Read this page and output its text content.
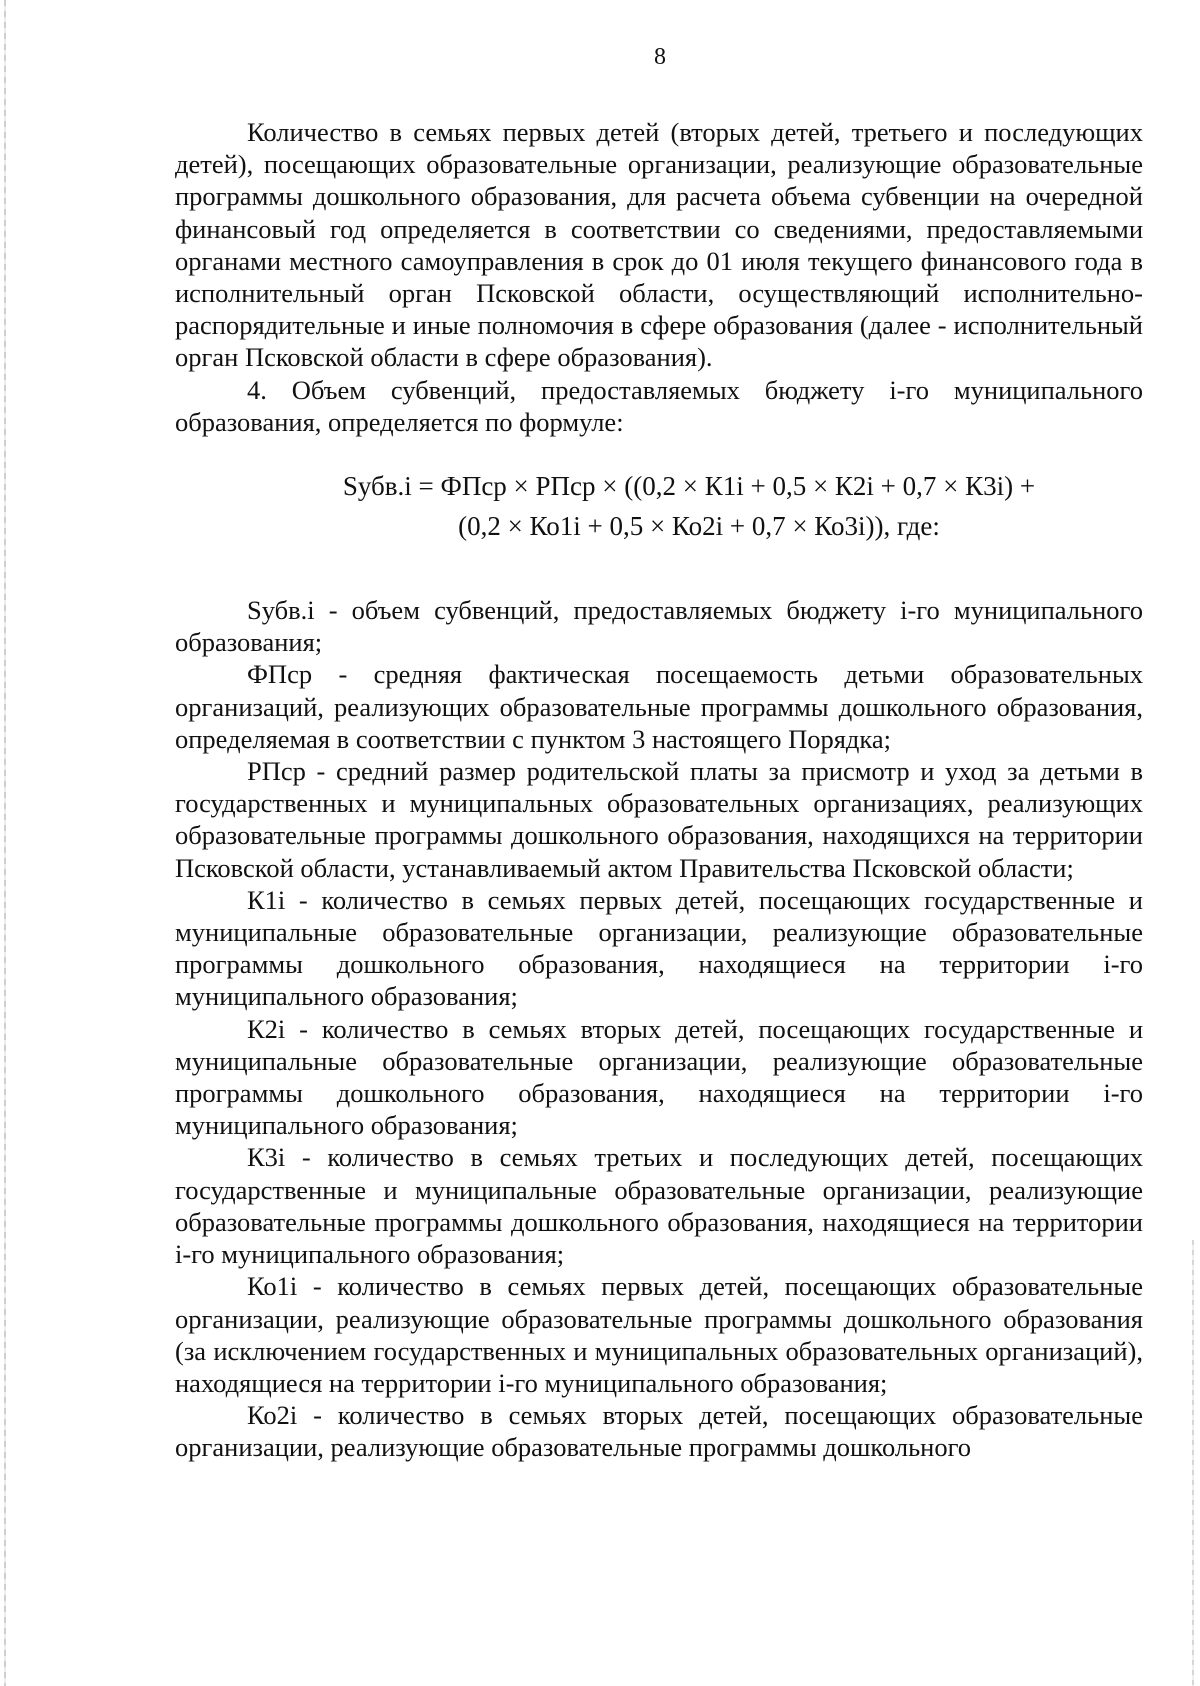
8

Количество в семьях первых детей (вторых детей, третьего и последующих детей), посещающих образовательные организации, реализующие образовательные программы дошкольного образования, для расчета объема субвенции на очередной финансовый год определяется в соответствии со сведениями, предоставляемыми органами местного самоуправления в срок до 01 июля текущего финансового года в исполнительный орган Псковской области, осуществляющий исполнительно-распорядительные и иные полномочия в сфере образования (далее - исполнительный орган Псковской области в сфере образования).

4. Объем субвенций, предоставляемых бюджету i-го муниципального образования, определяется по формуле:

Sубв.i = ФПср × РПср × ((0,2 × К1i + 0,5 × К2i + 0,7 × К3i) +
(0,2 × Ко1i + 0,5 × Ко2i + 0,7 × Ко3i)), где:

Sубв.i - объем субвенций, предоставляемых бюджету i-го муниципального образования;

ФПср - средняя фактическая посещаемость детьми образовательных организаций, реализующих образовательные программы дошкольного образования, определяемая в соответствии с пунктом 3 настоящего Порядка;

РПср - средний размер родительской платы за присмотр и уход за детьми в государственных и муниципальных образовательных организациях, реализующих образовательные программы дошкольного образования, находящихся на территории Псковской области, устанавливаемый актом Правительства Псковской области;

К1i - количество в семьях первых детей, посещающих государственные и муниципальные образовательные организации, реализующие образовательные программы дошкольного образования, находящиеся на территории i-го муниципального образования;

К2i - количество в семьях вторых детей, посещающих государственные и муниципальные образовательные организации, реализующие образовательные программы дошкольного образования, находящиеся на территории i-го муниципального образования;

К3i - количество в семьях третьих и последующих детей, посещающих государственные и муниципальные образовательные организации, реализующие образовательные программы дошкольного образования, находящиеся на территории i-го муниципального образования;

Ко1i - количество в семьях первых детей, посещающих образовательные организации, реализующие образовательные программы дошкольного образования (за исключением государственных и муниципальных образовательных организаций), находящиеся на территории i-го муниципального образования;

Ко2i - количество в семьях вторых детей, посещающих образовательные организации, реализующие образовательные программы дошкольного
